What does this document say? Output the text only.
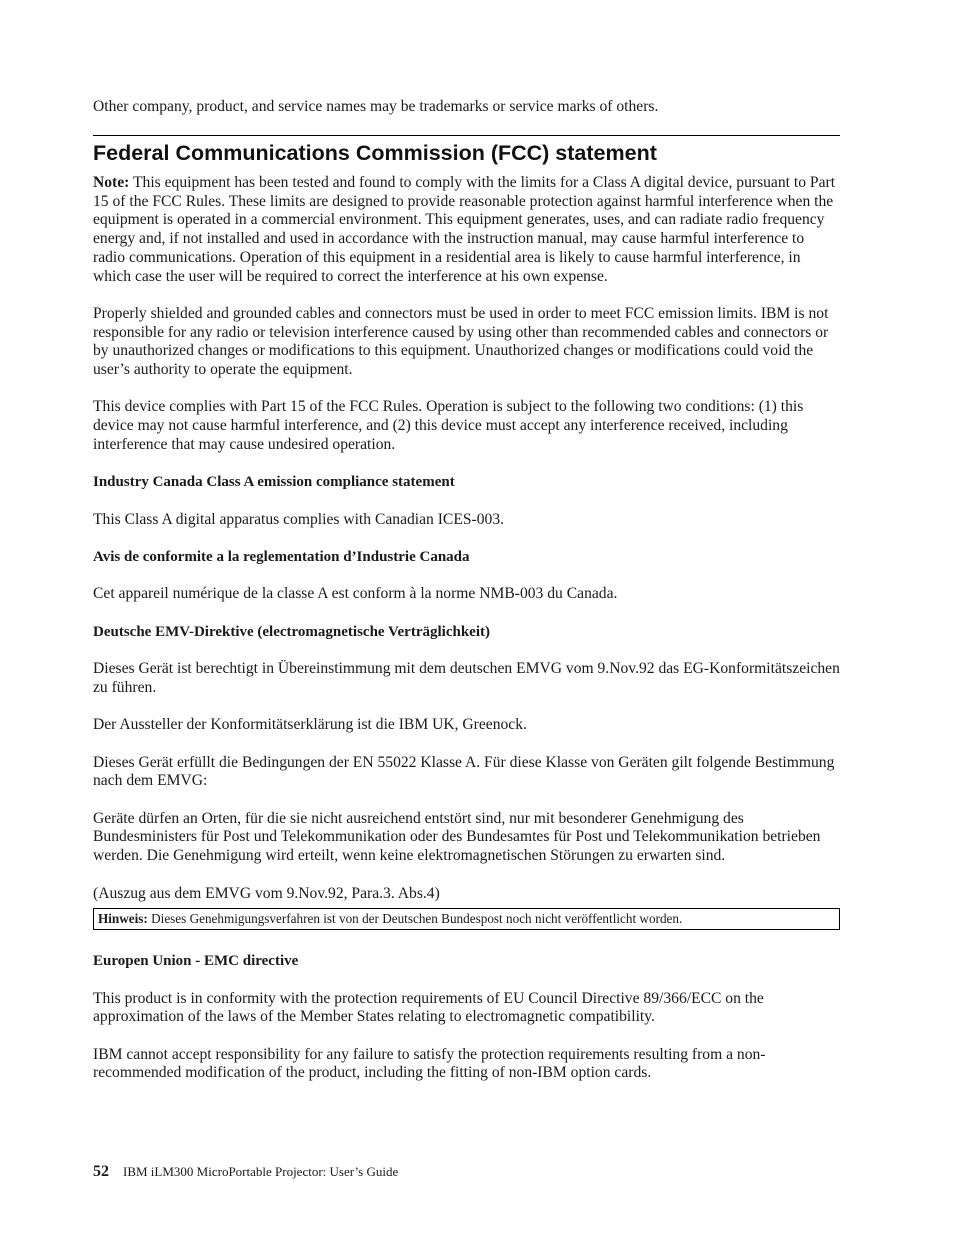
Other company, product, and service names may be trademarks or service marks of others.

Federal Communications Commission (FCC) statement

Note: This equipment has been tested and found to comply with the limits for a Class A digital device, pursuant to Part 15 of the FCC Rules. These limits are designed to provide reasonable protection against harmful interference when the equipment is operated in a commercial environment. This equipment generates, uses, and can radiate radio frequency energy and, if not installed and used in accordance with the instruction manual, may cause harmful interference to radio communications. Operation of this equipment in a residential area is likely to cause harmful interference, in which case the user will be required to correct the interference at his own expense.

Properly shielded and grounded cables and connectors must be used in order to meet FCC emission limits. IBM is not responsible for any radio or television interference caused by using other than recommended cables and connectors or by unauthorized changes or modifications to this equipment. Unauthorized changes or modifications could void the user’s authority to operate the equipment.

This device complies with Part 15 of the FCC Rules. Operation is subject to the following two conditions: (1) this device may not cause harmful interference, and (2) this device must accept any interference received, including interference that may cause undesired operation.

Industry Canada Class A emission compliance statement

This Class A digital apparatus complies with Canadian ICES-003.

Avis de conformite a la reglementation d’Industrie Canada

Cet appareil numérique de la classe A est conform à la norme NMB-003 du Canada.

Deutsche EMV-Direktive (electromagnetische Verträglichkeit)

Dieses Gerät ist berechtigt in Übereinstimmung mit dem deutschen EMVG vom 9.Nov.92 das EG-Konformitätszeichen zu führen.

Der Aussteller der Konformitätserklärung ist die IBM UK, Greenock.

Dieses Gerät erfüllt die Bedingungen der EN 55022 Klasse A. Für diese Klasse von Geräten gilt folgende Bestimmung nach dem EMVG:

Geräte dürfen an Orten, für die sie nicht ausreichend entstört sind, nur mit besonderer Genehmigung des Bundesministers für Post und Telekommunikation oder des Bundesamtes für Post und Telekommunikation betrieben werden. Die Genehmigung wird erteilt, wenn keine elektromagnetischen Störungen zu erwarten sind.

(Auszug aus dem EMVG vom 9.Nov.92, Para.3. Abs.4)

Hinweis: Dieses Genehmigungsverfahren ist von der Deutschen Bundespost noch nicht veröffentlicht worden.

Europen Union - EMC directive

This product is in conformity with the protection requirements of EU Council Directive 89/366/ECC on the approximation of the laws of the Member States relating to electromagnetic compatibility.

IBM cannot accept responsibility for any failure to satisfy the protection requirements resulting from a non-recommended modification of the product, including the fitting of non-IBM option cards.

52 IBM iLM300 MicroPortable Projector: User’s Guide
